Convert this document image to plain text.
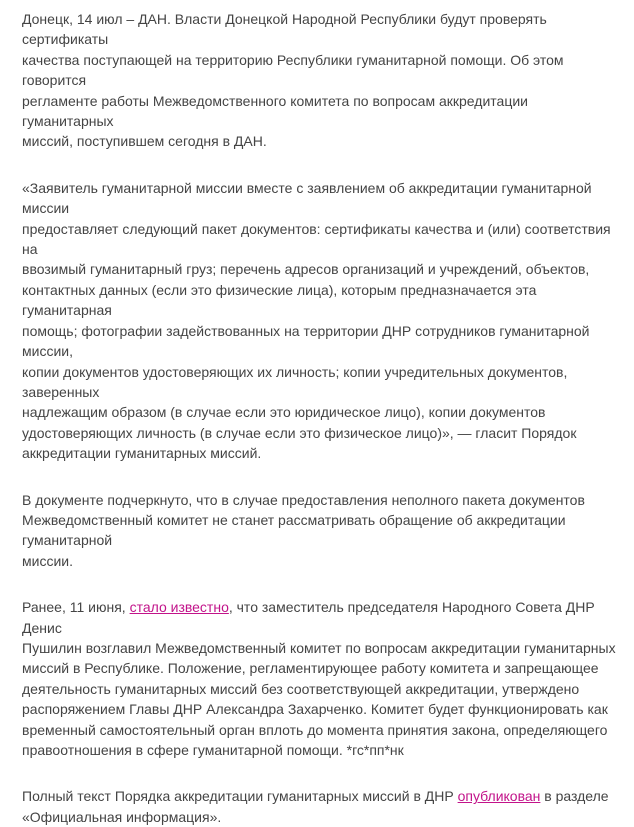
Донецк, 14 июл – ДАН. Власти Донецкой Народной Республики будут проверять сертификаты
качества поступающей на территорию Республики гуманитарной помощи. Об этом говорится
регламенте работы Межведомственного комитета по вопросам аккредитации гуманитарных
миссий, поступившем сегодня в ДАН.

«Заявитель гуманитарной миссии вместе с заявлением об аккредитации гуманитарной миссии
предоставляет следующий пакет документов: сертификаты качества и (или) соответствия на
ввозимый гуманитарный груз; перечень адресов организаций и учреждений, объектов,
контактных данных (если это физические лица), которым предназначается эта гуманитарная
помощь; фотографии задействованных на территории ДНР сотрудников гуманитарной миссии,
копии документов удостоверяющих их личность; копии учредительных документов, заверенных
надлежащим образом (в случае если это юридическое лицо), копии документов
удостоверяющих личность (в случае если это физическое лицо)», — гласит Порядок
аккредитации гуманитарных миссий.

В документе подчеркнуто, что в случае предоставления неполного пакета документов
Межведомственный комитет не станет рассматривать обращение об аккредитации гуманитарной
миссии.

Ранее, 11 июня, стало известно, что заместитель председателя Народного Совета ДНР Денис
Пушилин возглавил Межведомственный комитет по вопросам аккредитации гуманитарных
миссий в Республике. Положение, регламентирующее работу комитета и запрещающее
деятельность гуманитарных миссий без соответствующей аккредитации, утверждено
распоряжением Главы ДНР Александра Захарченко. Комитет будет функционировать как
временный самостоятельный орган вплоть до момента принятия закона, определяющего
правоотношения в сфере гуманитарной помощи. *гс*пп*нк

Полный текст Порядка аккредитации гуманитарных миссий в ДНР опубликован в разделе
«Официальная информация».
